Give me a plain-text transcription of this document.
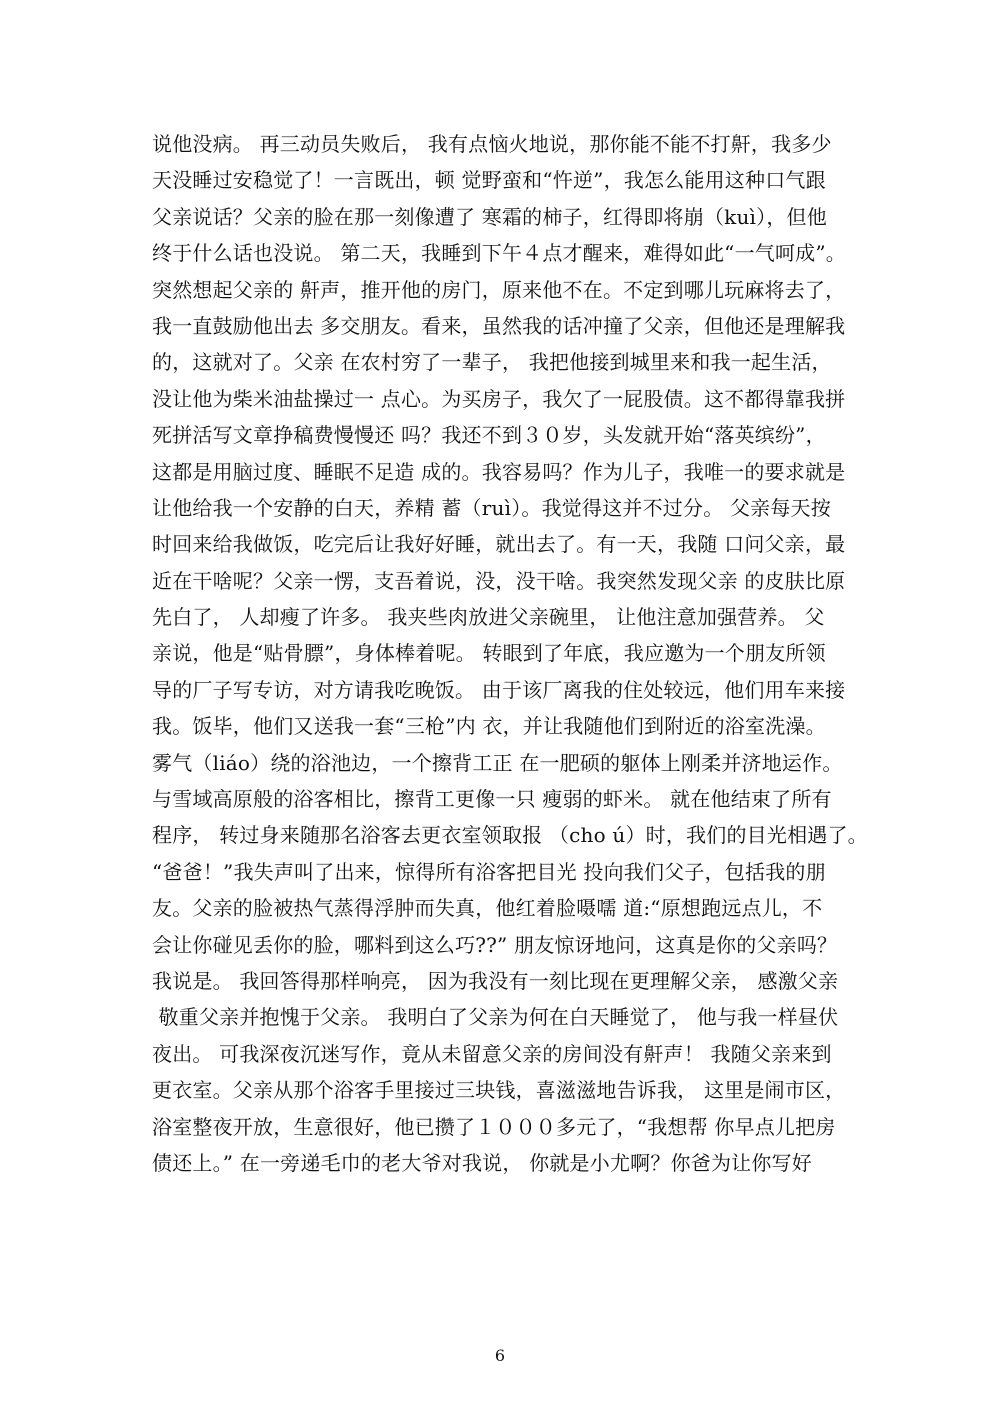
说他没病。 再三动员失败后， 我有点恼火地说，那你能不能不打鼾，我多少
天没睡过安稳觉了！一言既出，顿 觉野蛮和“忤逆”，我怎么能用这种口气跟
父亲说话？父亲的脸在那一刻像遭了 寒霜的柿子，红得即将崩（kuì），但他
终于什么话也没说。 第二天，我睡到下午４点才醒来，难得如此“一气呵成”。
突然想起父亲的 鼾声，推开他的房门，原来他不在。不定到哪儿玩麻将去了，
我一直鼓励他出去 多交朋友。看来，虽然我的话冲撞了父亲，但他还是理解我
的，这就对了。父亲 在农村穷了一辈子， 我把他接到城里来和我一起生活，
没让他为柴米油盐操过一 点心。为买房子，我欠了一屁股债。这不都得靠我拼
死拼活写文章挣稿费慢慢还 吗？我还不到３０岁，头发就开始“落英缤纷”，
这都是用脑过度、睡眠不足造 成的。我容易吗？作为儿子，我唯一的要求就是
让他给我一个安静的白天，养精 蓄（ruì）。我觉得这并不过分。 父亲每天按
时回来给我做饭，吃完后让我好好睡，就出去了。有一天，我随 口问父亲，最
近在干啥呢？父亲一愣，支吾着说，没，没干啥。我突然发现父亲 的皮肤比原
先白了， 人却瘦了许多。 我夹些肉放进父亲碗里， 让他注意加强营养。 父
亲说，他是“贴骨膘”，身体棒着呢。 转眼到了年底，我应邀为一个朋友所领
导的厂子写专访，对方请我吃晚饭。 由于该厂离我的住处较远，他们用车来接
我。饭毕，他们又送我一套“三枪”内 衣，并让我随他们到附近的浴室洗澡。
雾气（liáo）绕的浴池边，一个擦背工正 在一肥硕的躯体上刚柔并济地运作。
与雪域高原般的浴客相比，擦背工更像一只 瘦弱的虾米。 就在他结束了所有
程序， 转过身来随那名浴客去更衣室领取报 （cho ú）时，我们的目光相遇了。
“爸爸！”我失声叫了出来，惊得所有浴客把目光 投向我们父子，包括我的朋
友。父亲的脸被热气蒸得浮肿而失真，他红着脸嗫嚅 道:“原想跑远点儿，不
会让你碰见丢你的脸，哪料到这么巧??” 朋友惊讶地问，这真是你的父亲吗？
我说是。 我回答得那样响亮， 因为我没有一刻比现在更理解父亲， 感激父亲
敬重父亲并抱愧于父亲。 我明白了父亲为何在白天睡觉了， 他与我一样昼伏
夜出。 可我深夜沉迷写作，竟从未留意父亲的房间没有鼾声！ 我随父亲来到
更衣室。父亲从那个浴客手里接过三块钱，喜滋滋地告诉我， 这里是闹市区，
浴室整夜开放，生意很好，他已攒了１０００多元了，“我想帮 你早点儿把房
债还上。” 在一旁递毛巾的老大爷对我说， 你就是小尤啊？你爸为让你写好
6
